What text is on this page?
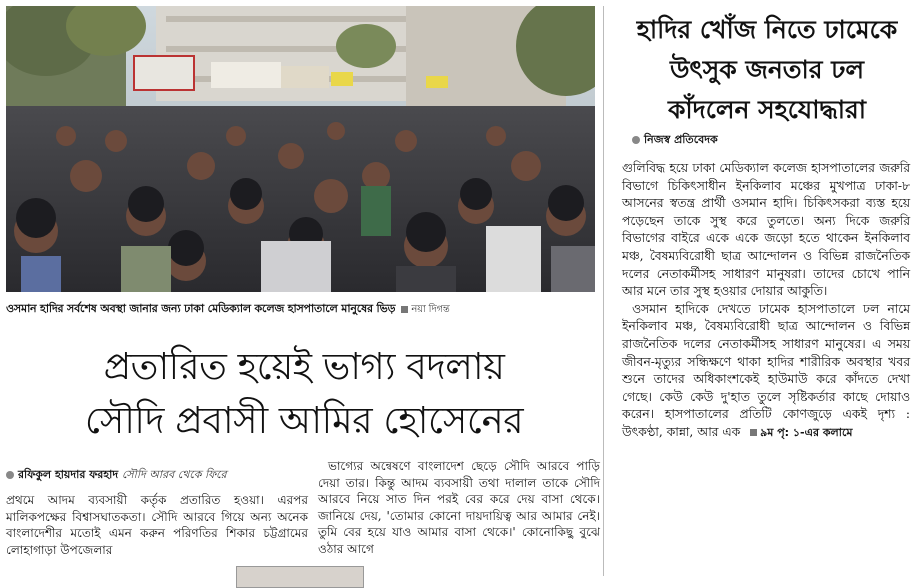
ওসমান হাদির সর্বশেষ অবস্থা জানার জন্য ঢাকা মেডিক্যাল কলেজ হাসপাতালে মানুষের ভিড় নয়া দিগন্ত
প্রতারিত হয়েই ভাগ্য বদলায়
সৌদি প্রবাসী আমির হোসেনের
রফিকুল হায়দার ফরহাদ সৌদি আরব থেকে ফিরে

প্রথমে আদম ব্যবসায়ী কর্তৃক প্রতারিত হওয়া। এরপর মালিকপক্ষের বিশ্বাসঘাতকতা। সৌদি আরবে গিয়ে অন্য অনেক বাংলাদেশীর মতোই এমন করুন পরিণতির শিকার চট্টগ্রামের লোহাগাড়া উপজেলার

ভাগ্যের অন্বেষণে বাংলাদেশ ছেড়ে সৌদি আরবে পাড়ি দেয়া তার। কিন্তু আদম ব্যবসায়ী তথা দালাল তাকে সৌদি আরবে নিয়ে সাত দিন পরই বের করে দেয় বাসা থেকে। জানিয়ে দেয়, 'তোমার কোনো দায়দায়িত্ব আর আমার নেই। তুমি বের হয়ে যাও আমার বাসা থেকে।' কোনোকিছু বুঝে ওঠার আগে

হাদির খোঁজ নিতে ঢামেকে
উৎসুক জনতার ঢল
কাঁদলেন সহযোদ্ধারা
নিজস্ব প্রতিবেদক

গুলিবিদ্ধ হয়ে ঢাকা মেডিক্যাল কলেজ হাসপাতালের জরুরি বিভাগে চিকিৎসাধীন ইনকিলাব মঞ্চের মুখপাত্র ঢাকা-৮ আসনের স্বতন্ত্র প্রার্থী ওসমান হাদি। চিকিৎসকরা ব্যস্ত হয়ে পড়েছেন তাকে সুস্থ করে তুলতে। অন্য দিকে জরুরি বিভাগের বাইরে একে একে জড়ো হতে থাকেন ইনকিলাব মঞ্চ, বৈষম্যবিরোধী ছাত্র আন্দোলন ও বিভিন্ন রাজনৈতিক দলের নেতাকর্মীসহ সাধারণ মানুষরা। তাদের চোখে পানি আর মনে তার সুস্থ হওয়ার দোয়ার আকুতি।

ওসমান হাদিকে দেখতে ঢামেক হাসপাতালে ঢল নামে ইনকিলাব মঞ্চ, বৈষম্যবিরোধী ছাত্র আন্দোলন ও বিভিন্ন রাজনৈতিক দলের নেতাকর্মীসহ সাধারণ মানুষের। এ সময় জীবন-মৃত্যুর সন্ধিক্ষণে থাকা হাদির শারীরিক অবস্থার খবর শুনে তাদের অধিকাংশকেই হাউমাউ করে কাঁদতে দেখা গেছে। কেউ কেউ দু'হাত তুলে সৃষ্টিকর্তার কাছে দোয়াও করেন। হাসপাতালের প্রতিটি কোণজুড়ে একই দৃশ্য : উৎকণ্ঠা, কান্না, আর এক ৯ম পৃ: ১-এর কলামে
